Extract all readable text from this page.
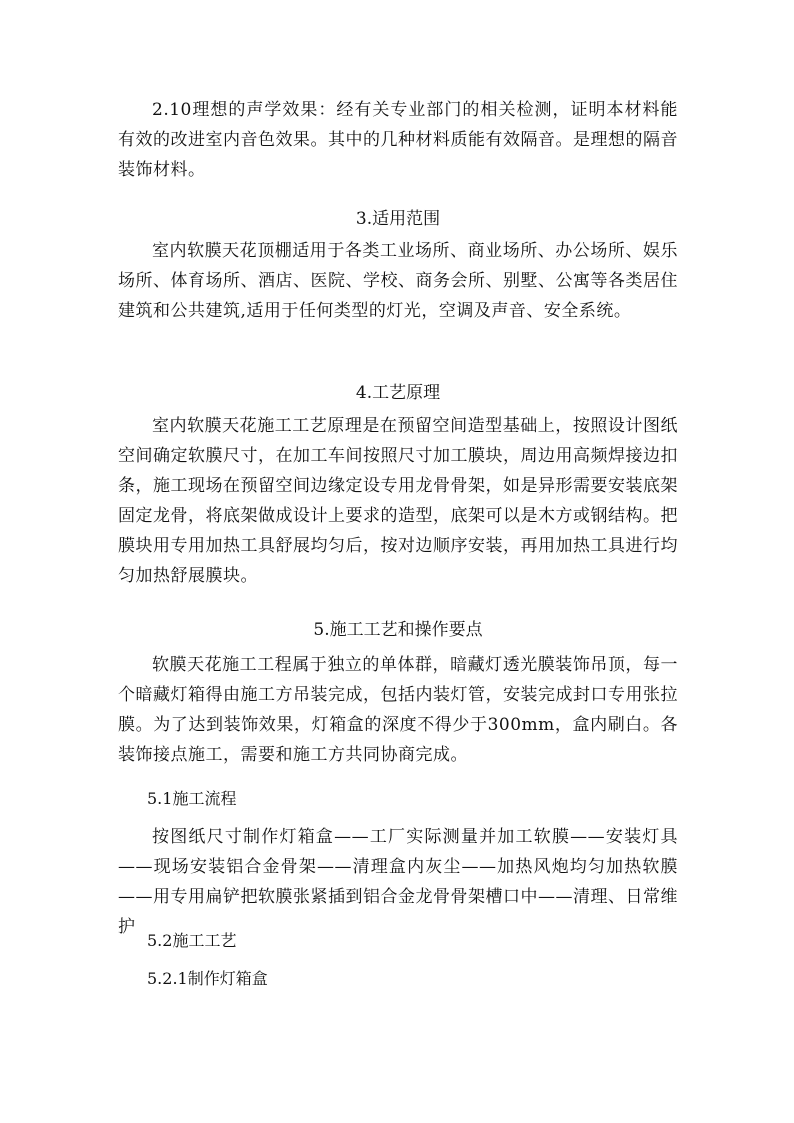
2.10理想的声学效果：经有关专业部门的相关检测，证明本材料能有效的改进室内音色效果。其中的几种材料质能有效隔音。是理想的隔音装饰材料。

3.适用范围

室内软膜天花顶棚适用于各类工业场所、商业场所、办公场所、娱乐场所、体育场所、酒店、医院、学校、商务会所、别墅、公寓等各类居住建筑和公共建筑,适用于任何类型的灯光，空调及声音、安全系统。

4.工艺原理

室内软膜天花施工工艺原理是在预留空间造型基础上，按照设计图纸空间确定软膜尺寸，在加工车间按照尺寸加工膜块，周边用高频焊接边扣条，施工现场在预留空间边缘定设专用龙骨骨架，如是异形需要安装底架固定龙骨，将底架做成设计上要求的造型，底架可以是木方或钢结构。把膜块用专用加热工具舒展均匀后，按对边顺序安装，再用加热工具进行均匀加热舒展膜块。

5.施工工艺和操作要点

软膜天花施工工程属于独立的单体群，暗藏灯透光膜装饰吊顶，每一个暗藏灯箱得由施工方吊装完成，包括内装灯管，安装完成封口专用张拉膜。为了达到装饰效果，灯箱盒的深度不得少于300mm，盒内刷白。各装饰接点施工，需要和施工方共同协商完成。

5.1施工流程

按图纸尺寸制作灯箱盒——工厂实际测量并加工软膜——安装灯具——现场安装铝合金骨架——清理盒内灰尘——加热风炮均匀加热软膜——用专用扁铲把软膜张紧插到铝合金龙骨骨架槽口中——清理、日常维护

5.2施工工艺

5.2.1制作灯箱盒
